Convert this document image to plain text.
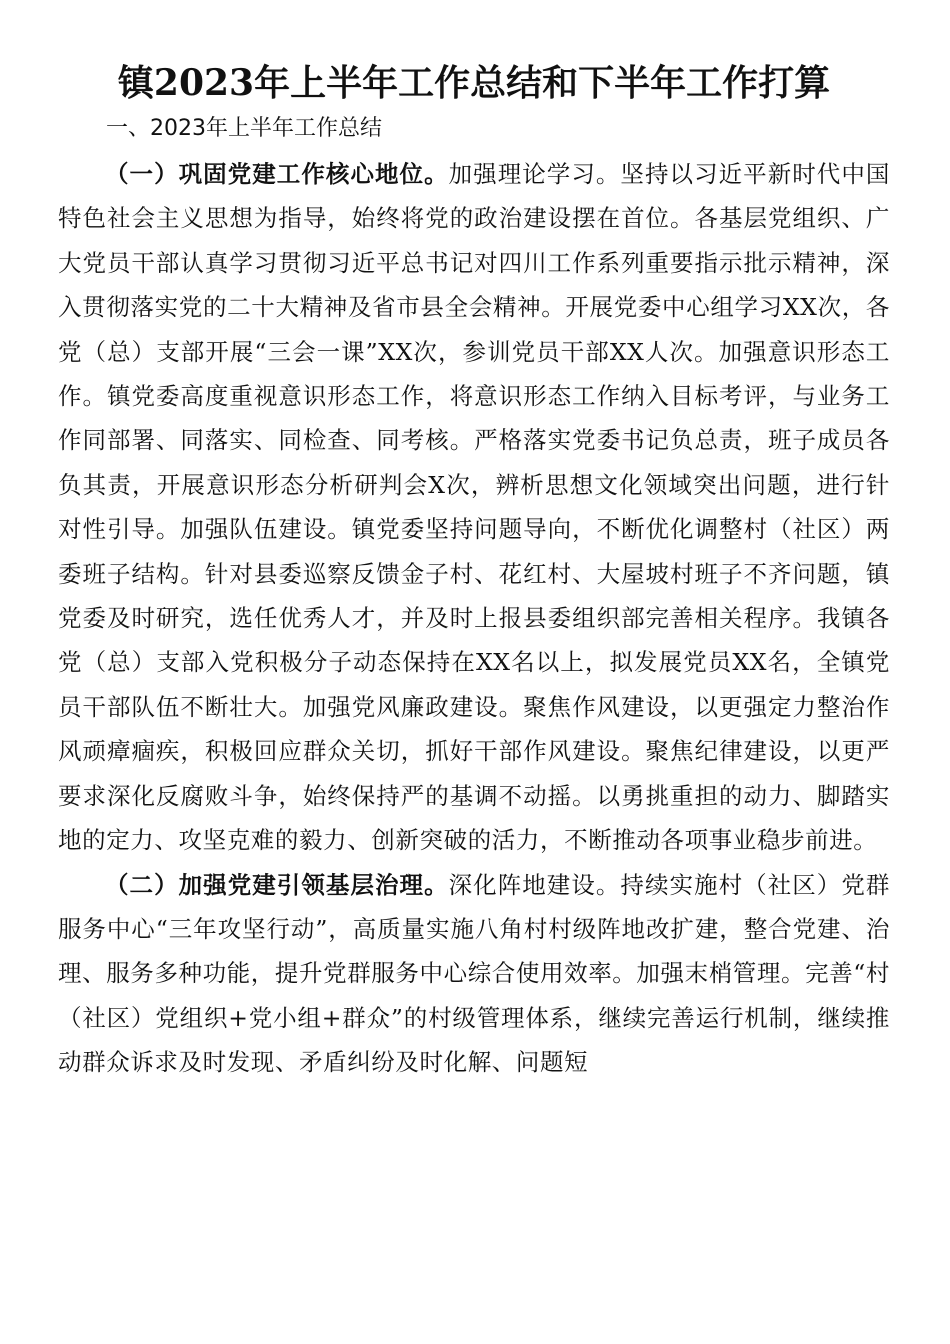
镇2023年上半年工作总结和下半年工作打算
一、2023年上半年工作总结

（一）巩固党建工作核心地位。加强理论学习。坚持以习近平新时代中国特色社会主义思想为指导，始终将党的政治建设摆在首位。各基层党组织、广大党员干部认真学习贯彻习近平总书记对四川工作系列重要指示批示精神，深入贯彻落实党的二十大精神及省市县全会精神。开展党委中心组学习XX次，各党（总）支部开展“三会一课”XX次，参训党员干部XX人次。加强意识形态工作。镇党委高度重视意识形态工作，将意识形态工作纳入目标考评，与业务工作同部署、同落实、同检查、同考核。严格落实党委书记负总责，班子成员各负其责，开展意识形态分析研判会X次，辨析思想文化领域突出问题，进行针对性引导。加强队伍建设。镇党委坚持问题导向，不断优化调整村（社区）两委班子结构。针对县委巡察反馈金子村、花红村、大屋坡村班子不齐问题，镇党委及时研究，选任优秀人才，并及时上报县委组织部完善相关程序。我镇各党（总）支部入党积极分子动态保持在XX名以上，拟发展党员XX名，全镇党员干部队伍不断壮大。加强党风廉政建设。聚焦作风建设，以更强定力整治作风顽瘴痼疾，积极回应群众关切，抓好干部作风建设。聚焦纪律建设，以更严要求深化反腐败斗争，始终保持严的基调不动摇。以勇挑重担的动力、脚踏实地的定力、攻坚克难的毅力、创新突破的活力，不断推动各项事业稳步前进。

（二）加强党建引领基层治理。深化阵地建设。持续实施村（社区）党群服务中心“三年攻坚行动”，高质量实施八角村村级阵地改扩建，整合党建、治理、服务多种功能，提升党群服务中心综合使用效率。加强末梢管理。完善“村（社区）党组织+党小组+群众”的村级管理体系，继续完善运行机制，继续推动群众诉求及时发现、矛盾纠纷及时化解、问题短
